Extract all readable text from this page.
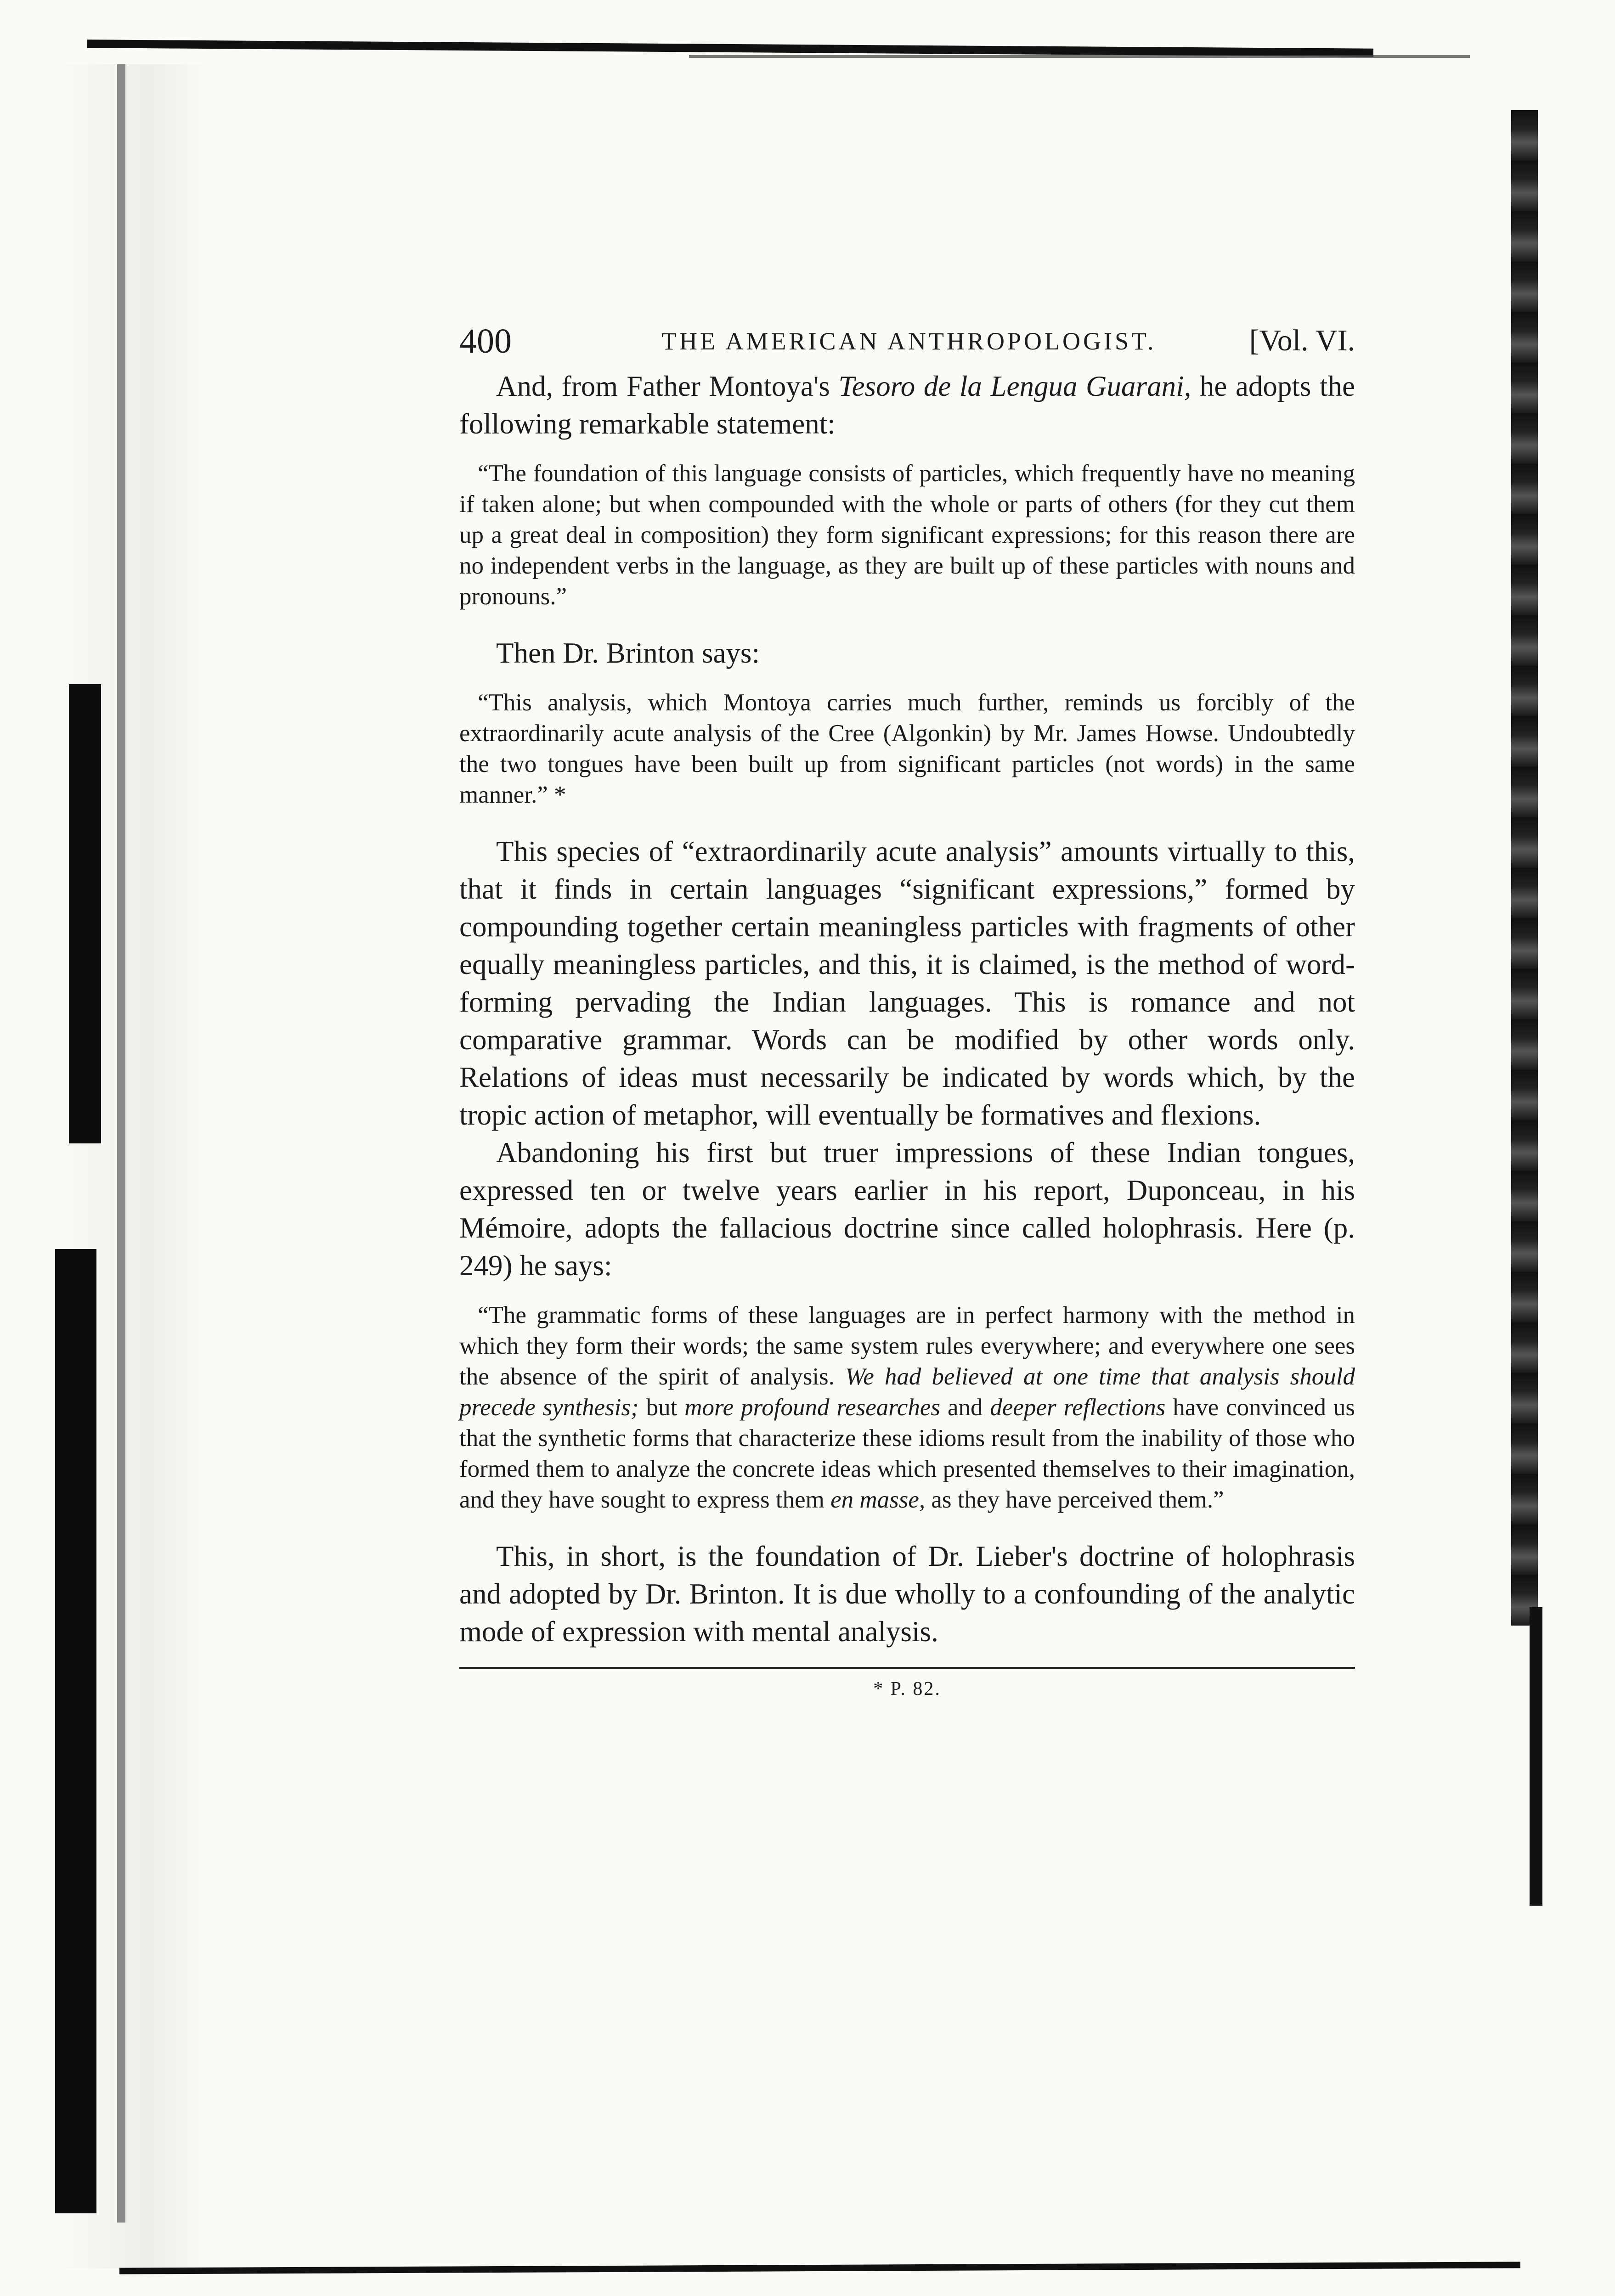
400	THE AMERICAN ANTHROPOLOGIST.	[Vol. VI.

And, from Father Montoya's Tesoro de la Lengua Guarani, he adopts the following remarkable statement:

“The foundation of this language consists of particles, which frequently have no meaning if taken alone; but when compounded with the whole or parts of others (for they cut them up a great deal in composition) they form significant expressions; for this reason there are no independent verbs in the language, as they are built up of these particles with nouns and pronouns.”

Then Dr. Brinton says:

“This analysis, which Montoya carries much further, reminds us forcibly of the extraordinarily acute analysis of the Cree (Algonkin) by Mr. James Howse. Undoubtedly the two tongues have been built up from significant particles (not words) in the same manner.” *

This species of “extraordinarily acute analysis” amounts virtually to this, that it finds in certain languages “significant expressions,” formed by compounding together certain meaningless particles with fragments of other equally meaningless particles, and this, it is claimed, is the method of word-forming pervading the Indian languages. This is romance and not comparative grammar. Words can be modified by other words only. Relations of ideas must necessarily be indicated by words which, by the tropic action of metaphor, will eventually be formatives and flexions.

Abandoning his first but truer impressions of these Indian tongues, expressed ten or twelve years earlier in his report, Duponceau, in his Mémoire, adopts the fallacious doctrine since called holophrasis. Here (p. 249) he says:

“The grammatic forms of these languages are in perfect harmony with the method in which they form their words; the same system rules everywhere; and everywhere one sees the absence of the spirit of analysis. We had believed at one time that analysis should precede synthesis; but more profound researches and deeper reflections have convinced us that the synthetic forms that characterize these idioms result from the inability of those who formed them to analyze the concrete ideas which presented themselves to their imagination, and they have sought to express them en masse, as they have perceived them.”

This, in short, is the foundation of Dr. Lieber's doctrine of holophrasis and adopted by Dr. Brinton. It is due wholly to a confounding of the analytic mode of expression with mental analysis.

* P. 82.
